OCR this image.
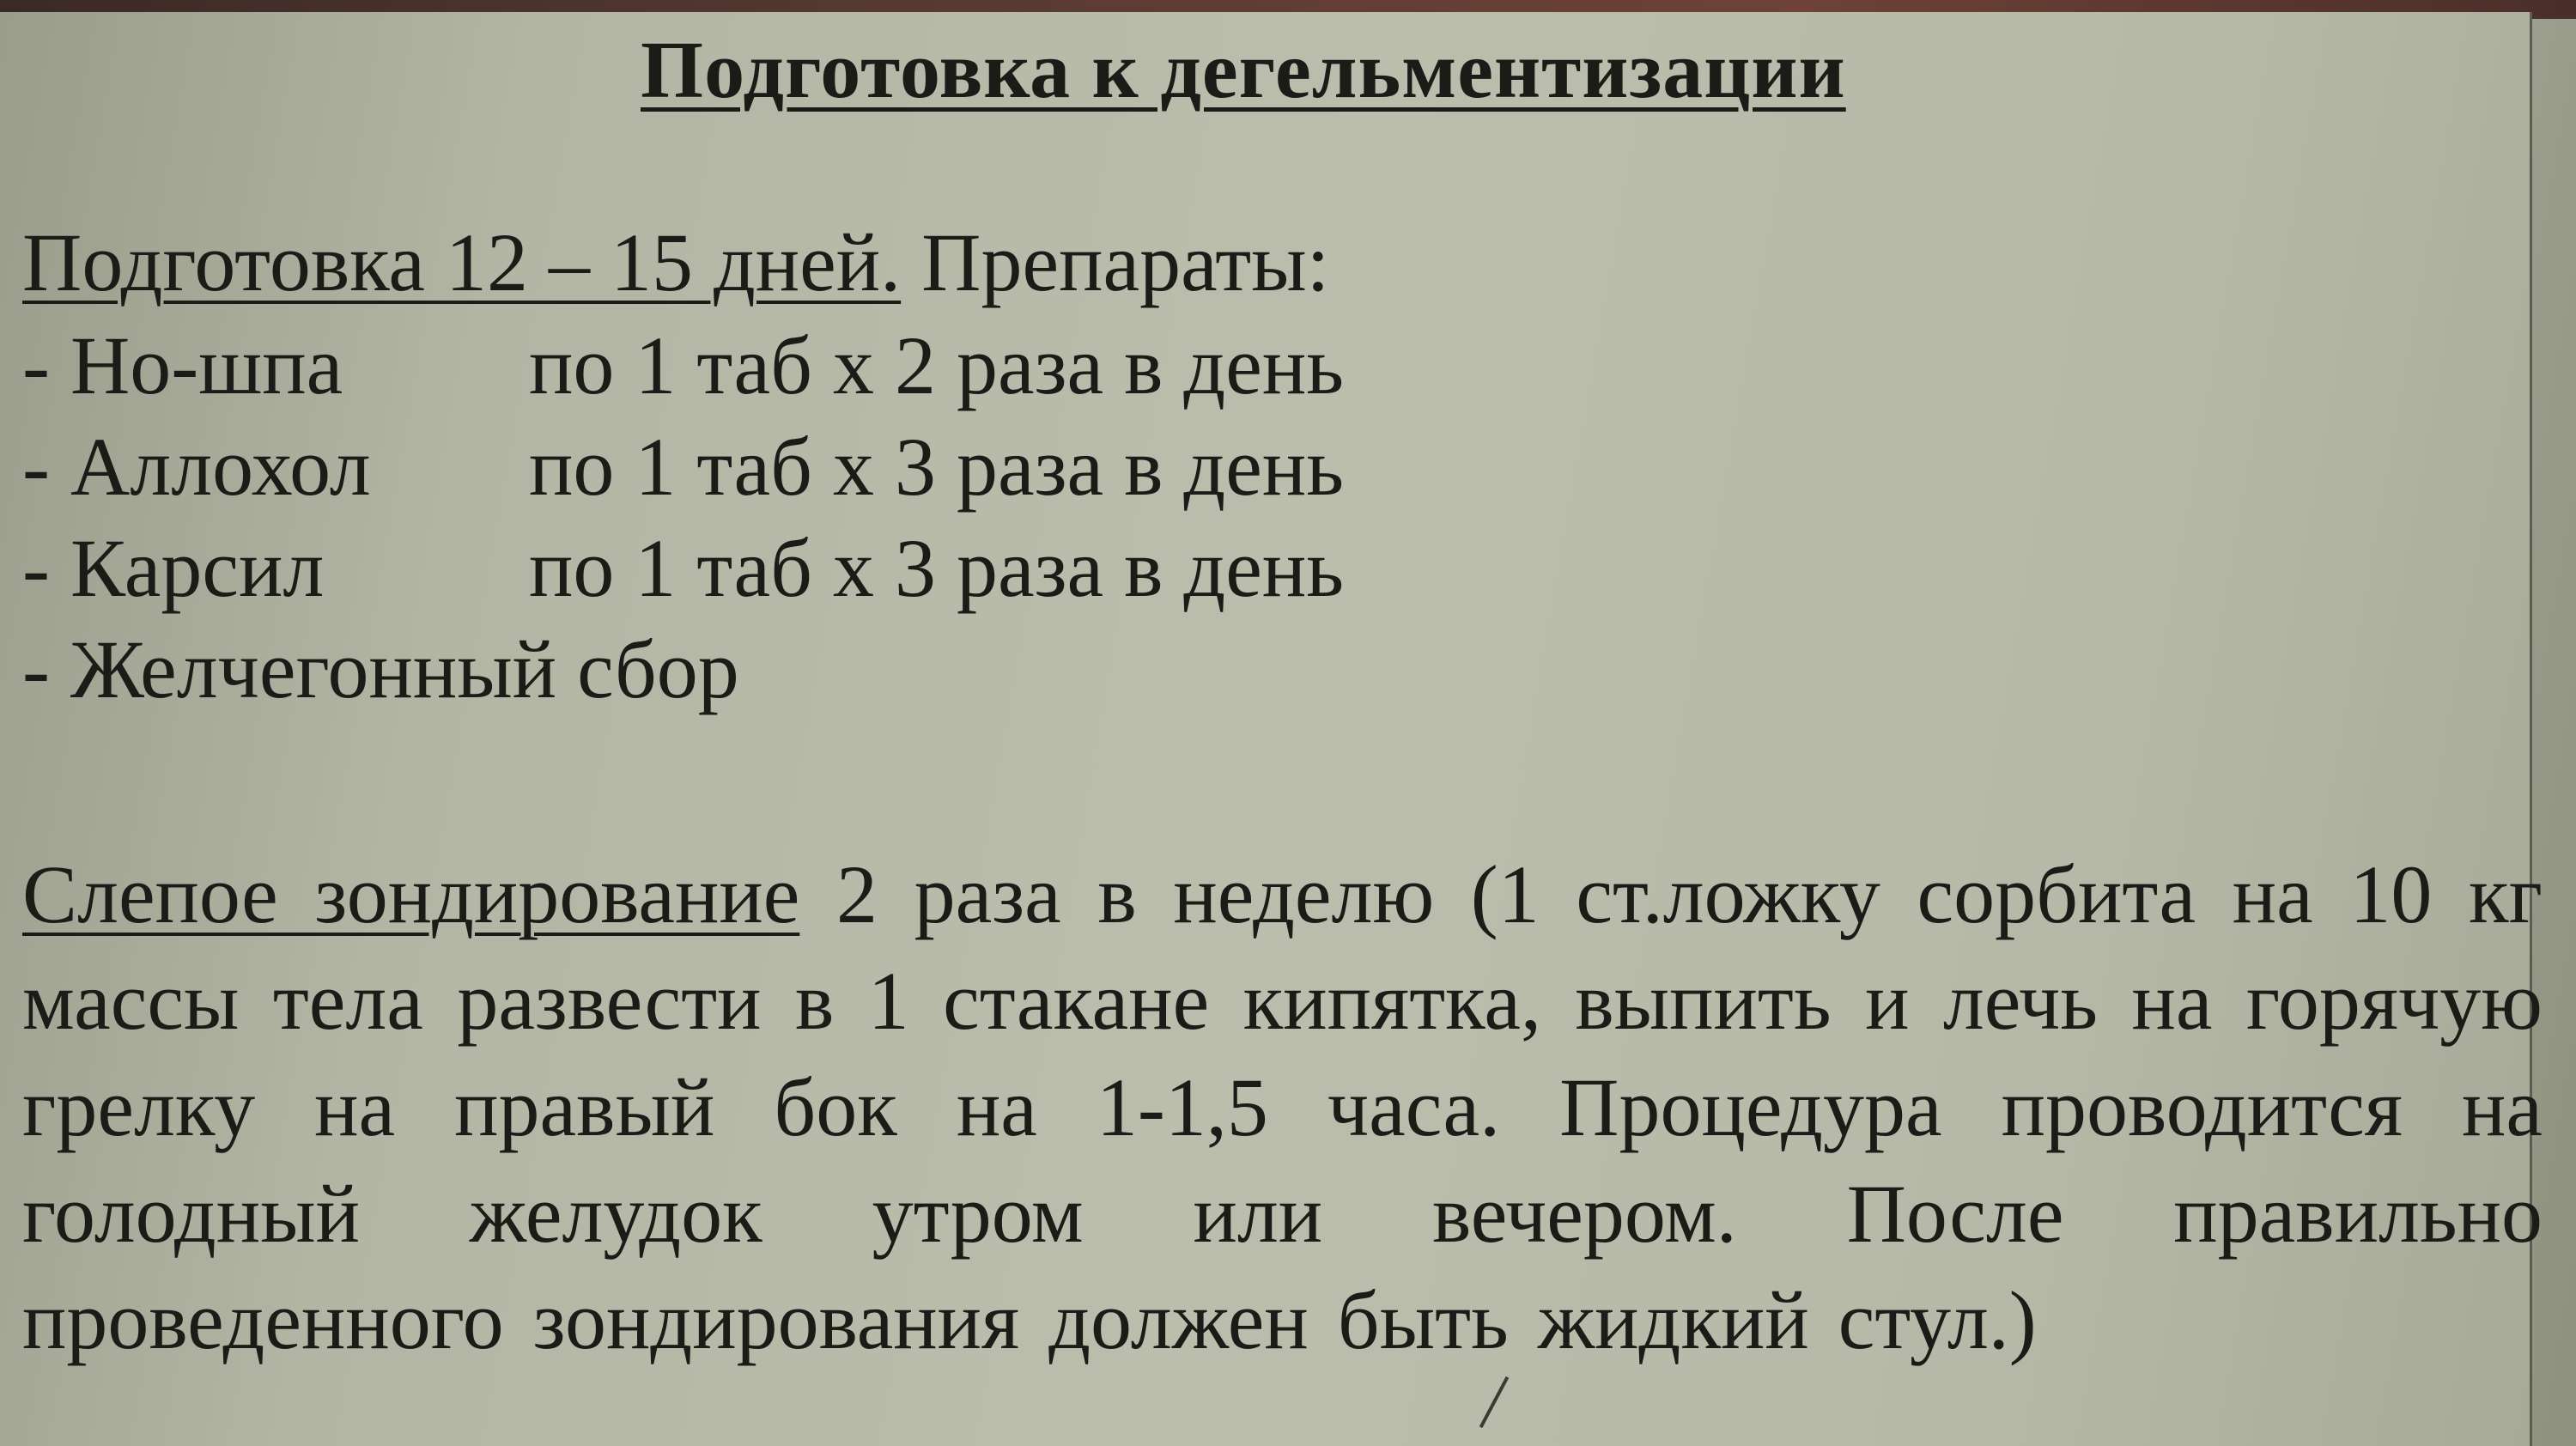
Подготовка к дегельментизации
Подготовка 12 – 15 дней. Препараты:
- Но-шпа по 1 таб х 2 раза в день
- Аллохол по 1 таб х 3 раза в день
- Карсил по 1 таб х 3 раза в день
- Желчегонный сбор
Слепое зондирование 2 раза в неделю (1 ст.ложку сорбита на 10 кг массы тела развести в 1 стакане кипятка, выпить и лечь на горячую грелку на правый бок на 1-1,5 часа. Процедура проводится на голодный желудок утром или вечером. После правильно проведенного зондирования должен быть жидкий стул.)
